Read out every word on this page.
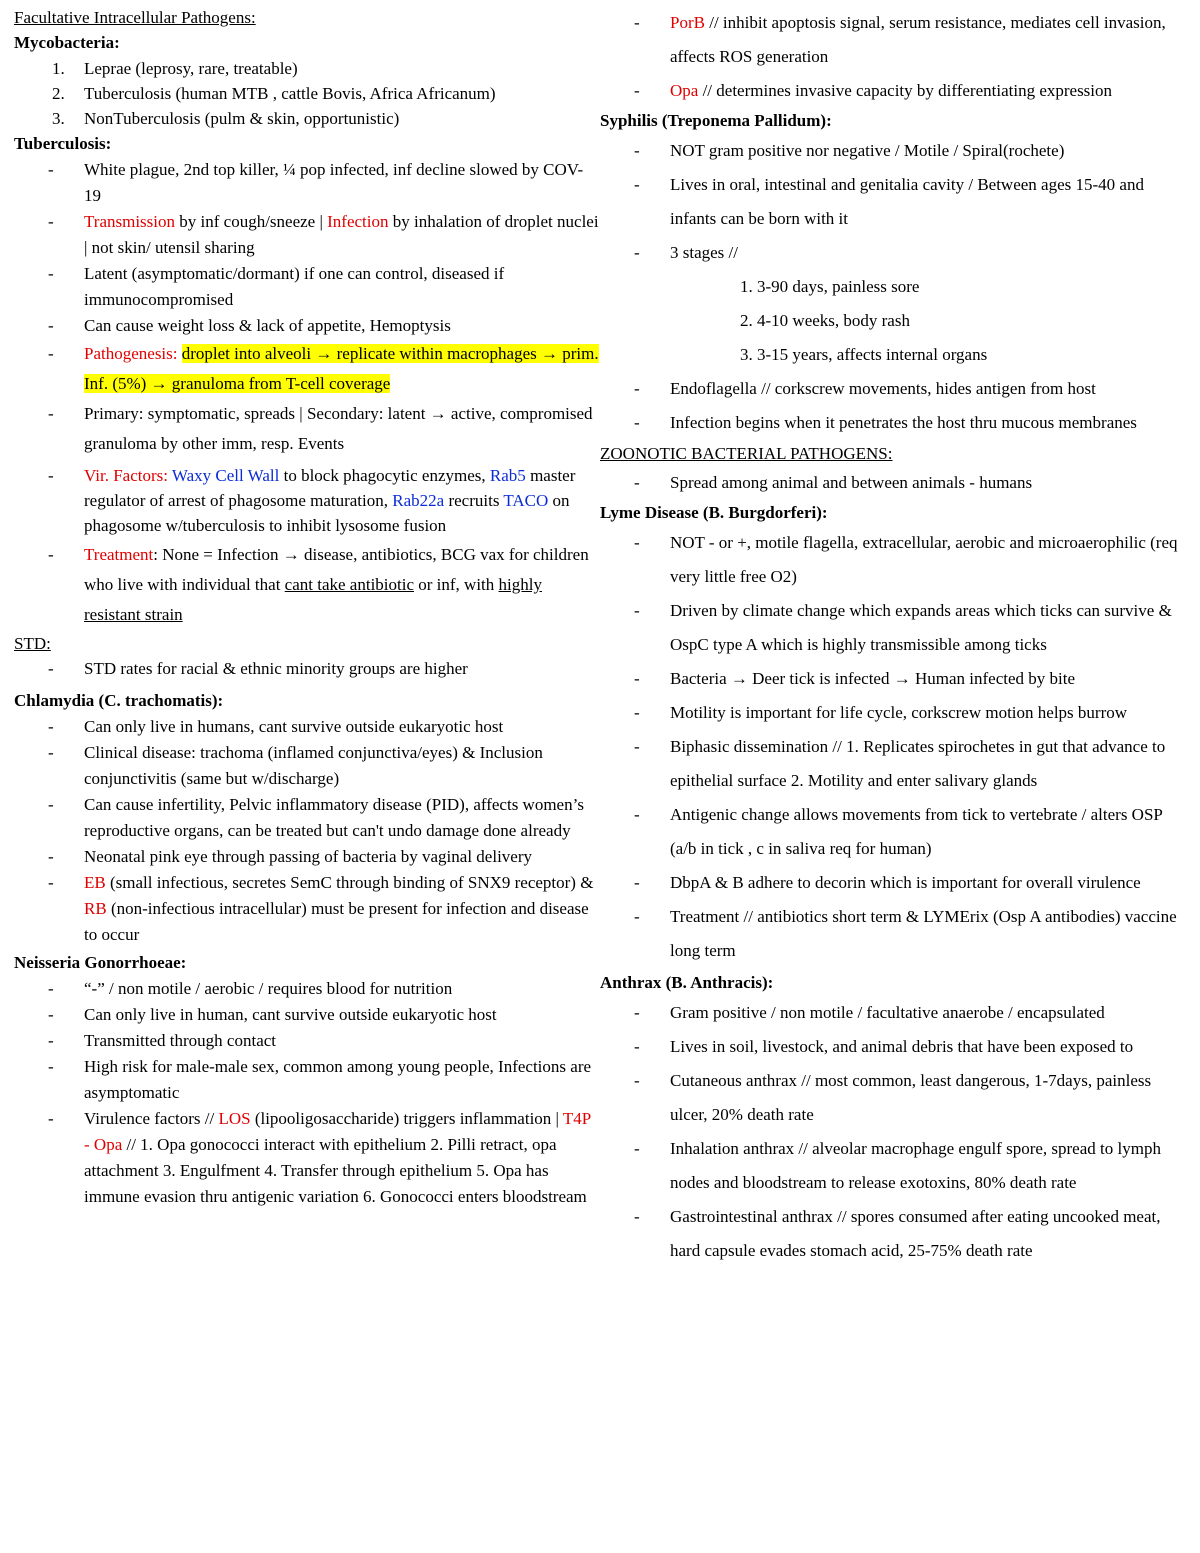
Facultative Intracellular Pathogens:
Mycobacteria:
1. Leprae (leprosy, rare, treatable)
2. Tuberculosis (human MTB , cattle Bovis, Africa Africanum)
3. NonTuberculosis (pulm & skin, opportunistic)
Tuberculosis:
- White plague, 2nd top killer, ¼ pop infected, inf decline slowed by COV-19
- Transmission by inf cough/sneeze | Infection by inhalation of droplet nuclei | not skin/ utensil sharing
- Latent (asymptomatic/dormant) if one can control, diseased if immunocompromised
- Can cause weight loss & lack of appetite, Hemoptysis
- Pathogenesis: droplet into alveoli → replicate within macrophages → prim. Inf. (5%) → granuloma from T-cell coverage
- Primary: symptomatic, spreads | Secondary: latent → active, compromised granuloma by other imm, resp. Events
- Vir. Factors: Waxy Cell Wall to block phagocytic enzymes, Rab5 master regulator of arrest of phagosome maturation, Rab22a recruits TACO on phagosome w/tuberculosis to inhibit lysosome fusion
- Treatment: None = Infection → disease, antibiotics, BCG vax for children who live with individual that cant take antibiotic or inf, with highly resistant strain
STD:
- STD rates for racial & ethnic minority groups are higher
Chlamydia (C. trachomatis):
- Can only live in humans, cant survive outside eukaryotic host
- Clinical disease: trachoma (inflamed conjunctiva/eyes) & Inclusion conjunctivitis (same but w/discharge)
- Can cause infertility, Pelvic inflammatory disease (PID), affects women’s reproductive organs, can be treated but can't undo damage done already
- Neonatal pink eye through passing of bacteria by vaginal delivery
- EB (small infectious, secretes SemC through binding of SNX9 receptor) & RB (non-infectious intracellular) must be present for infection and disease to occur
Neisseria Gonorrhoeae:
- “-” / non motile / aerobic / requires blood for nutrition
- Can only live in human, cant survive outside eukaryotic host
- Transmitted through contact
- High risk for male-male sex, common among young people, Infections are asymptomatic
- Virulence factors // LOS (lipooligosaccharide) triggers inflammation | T4P - Opa // 1. Opa gonococci interact with epithelium 2. Pilli retract, opa attachment 3. Engulfment 4. Transfer through epithelium 5. Opa has immune evasion thru antigenic variation 6. Gonococci enters bloodstream
- PorB // inhibit apoptosis signal, serum resistance, mediates cell invasion, affects ROS generation
- Opa // determines invasive capacity by differentiating expression
Syphilis (Treponema Pallidum):
- NOT gram positive nor negative / Motile / Spiral(rochete)
- Lives in oral, intestinal and genitalia cavity / Between ages 15-40 and infants can be born with it
- 3 stages //
1. 3-90 days, painless sore
2. 4-10 weeks, body rash
3. 3-15 years, affects internal organs
- Endoflagella // corkscrew movements, hides antigen from host
- Infection begins when it penetrates the host thru mucous membranes
ZOONOTIC BACTERIAL PATHOGENS:
- Spread among animal and between animals - humans
Lyme Disease (B. Burgdorferi):
- NOT - or +, motile flagella, extracellular, aerobic and microaerophilic (req very little free O2)
- Driven by climate change which expands areas which ticks can survive & OspC type A which is highly transmissible among ticks
- Bacteria → Deer tick is infected → Human infected by bite
- Motility is important for life cycle, corkscrew motion helps burrow
- Biphasic dissemination // 1. Replicates spirochetes in gut that advance to epithelial surface 2. Motility and enter salivary glands
- Antigenic change allows movements from tick to vertebrate / alters OSP (a/b in tick , c in saliva req for human)
- DbpA & B adhere to decorin which is important for overall virulence
- Treatment // antibiotics short term & LYMErix (Osp A antibodies) vaccine long term
Anthrax (B. Anthracis):
- Gram positive / non motile / facultative anaerobe / encapsulated
- Lives in soil, livestock, and animal debris that have been exposed to
- Cutaneous anthrax // most common, least dangerous, 1-7days, painless ulcer, 20% death rate
- Inhalation anthrax // alveolar macrophage engulf spore, spread to lymph nodes and bloodstream to release exotoxins, 80% death rate
- Gastrointestinal anthrax // spores consumed after eating uncooked meat, hard capsule evades stomach acid, 25-75% death rate
